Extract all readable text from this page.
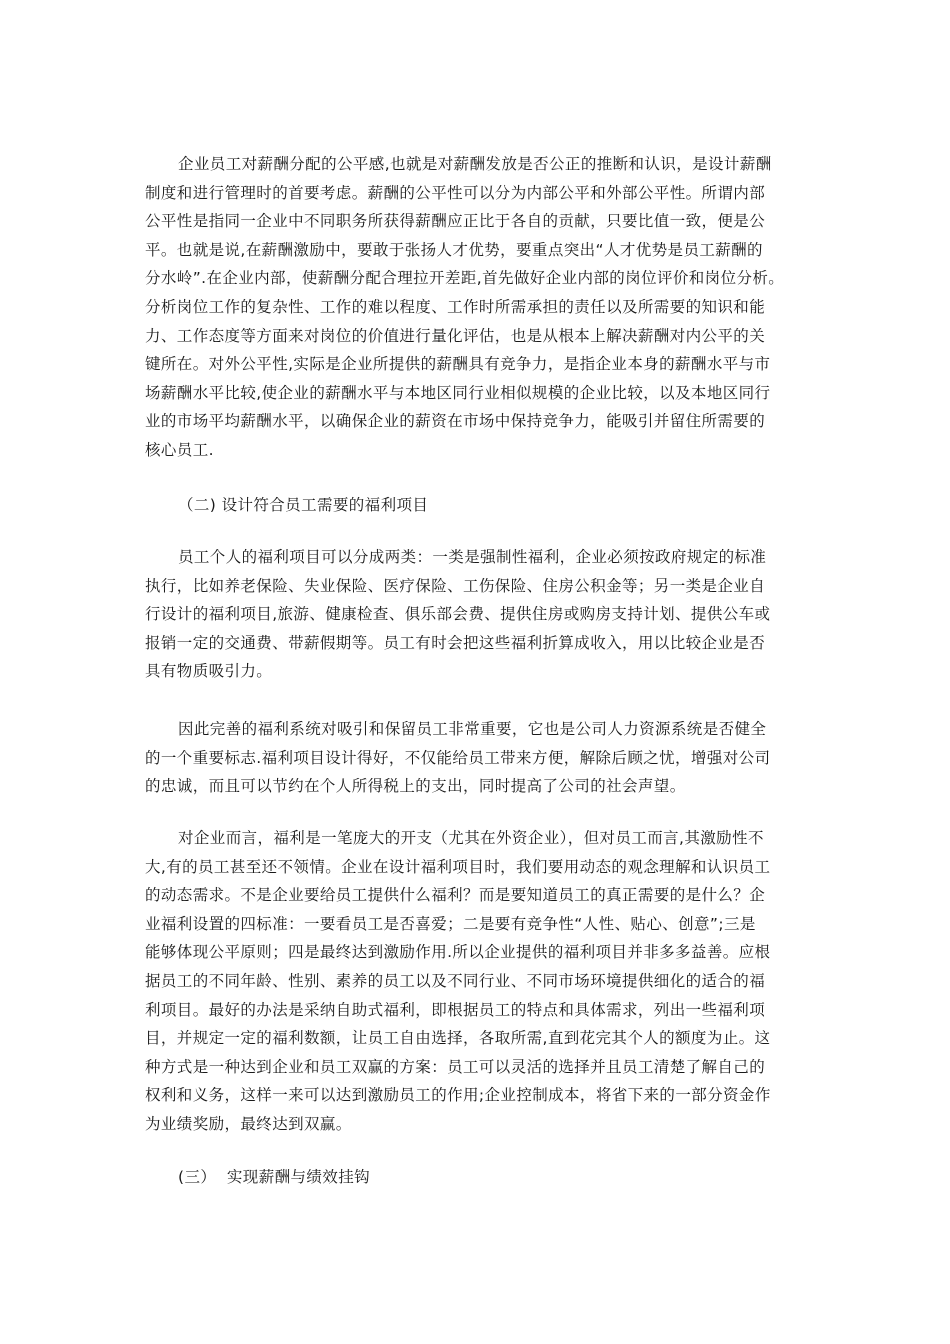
企业员工对薪酬分配的公平感,也就是对薪酬发放是否公正的推断和认识，是设计薪酬
制度和进行管理时的首要考虑。薪酬的公平性可以分为内部公平和外部公平性。所谓内部
公平性是指同一企业中不同职务所获得薪酬应正比于各自的贡献，只要比值一致，便是公
平。也就是说,在薪酬激励中，要敢于张扬人才优势，要重点突出“人才优势是员工薪酬的
分水岭”.在企业内部，使薪酬分配合理拉开差距,首先做好企业内部的岗位评价和岗位分析。
分析岗位工作的复杂性、工作的难以程度、工作时所需承担的责任以及所需要的知识和能
力、工作态度等方面来对岗位的价值进行量化评估，也是从根本上解决薪酬对内公平的关
键所在。对外公平性,实际是企业所提供的薪酬具有竞争力，是指企业本身的薪酬水平与市
场薪酬水平比较,使企业的薪酬水平与本地区同行业相似规模的企业比较，以及本地区同行
业的市场平均薪酬水平，以确保企业的薪资在市场中保持竞争力，能吸引并留住所需要的
核心员工.
（二) 设计符合员工需要的福利项目
员工个人的福利项目可以分成两类：一类是强制性福利，企业必须按政府规定的标准
执行，比如养老保险、失业保险、医疗保险、工伤保险、住房公积金等；另一类是企业自
行设计的福利项目,旅游、健康检查、俱乐部会费、提供住房或购房支持计划、提供公车或
报销一定的交通费、带薪假期等。员工有时会把这些福利折算成收入，用以比较企业是否
具有物质吸引力。
因此完善的福利系统对吸引和保留员工非常重要，它也是公司人力资源系统是否健全
的一个重要标志.福利项目设计得好，不仅能给员工带来方便，解除后顾之忧，增强对公司
的忠诚，而且可以节约在个人所得税上的支出，同时提高了公司的社会声望。
对企业而言，福利是一笔庞大的开支（尤其在外资企业），但对员工而言,其激励性不
大,有的员工甚至还不领情。企业在设计福利项目时，我们要用动态的观念理解和认识员工
的动态需求。不是企业要给员工提供什么福利？而是要知道员工的真正需要的是什么？企
业福利设置的四标准：一要看员工是否喜爱；二是要有竞争性“人性、贴心、创意”;三是
能够体现公平原则；四是最终达到激励作用.所以企业提供的福利项目并非多多益善。应根
据员工的不同年龄、性别、素养的员工以及不同行业、不同市场环境提供细化的适合的福
利项目。最好的办法是采纳自助式福利，即根据员工的特点和具体需求，列出一些福利项
目，并规定一定的福利数额，让员工自由选择，各取所需,直到花完其个人的额度为止。这
种方式是一种达到企业和员工双赢的方案：员工可以灵活的选择并且员工清楚了解自己的
权利和义务，这样一来可以达到激励员工的作用;企业控制成本，将省下来的一部分资金作
为业绩奖励，最终达到双赢。
(三）  实现薪酬与绩效挂钩
